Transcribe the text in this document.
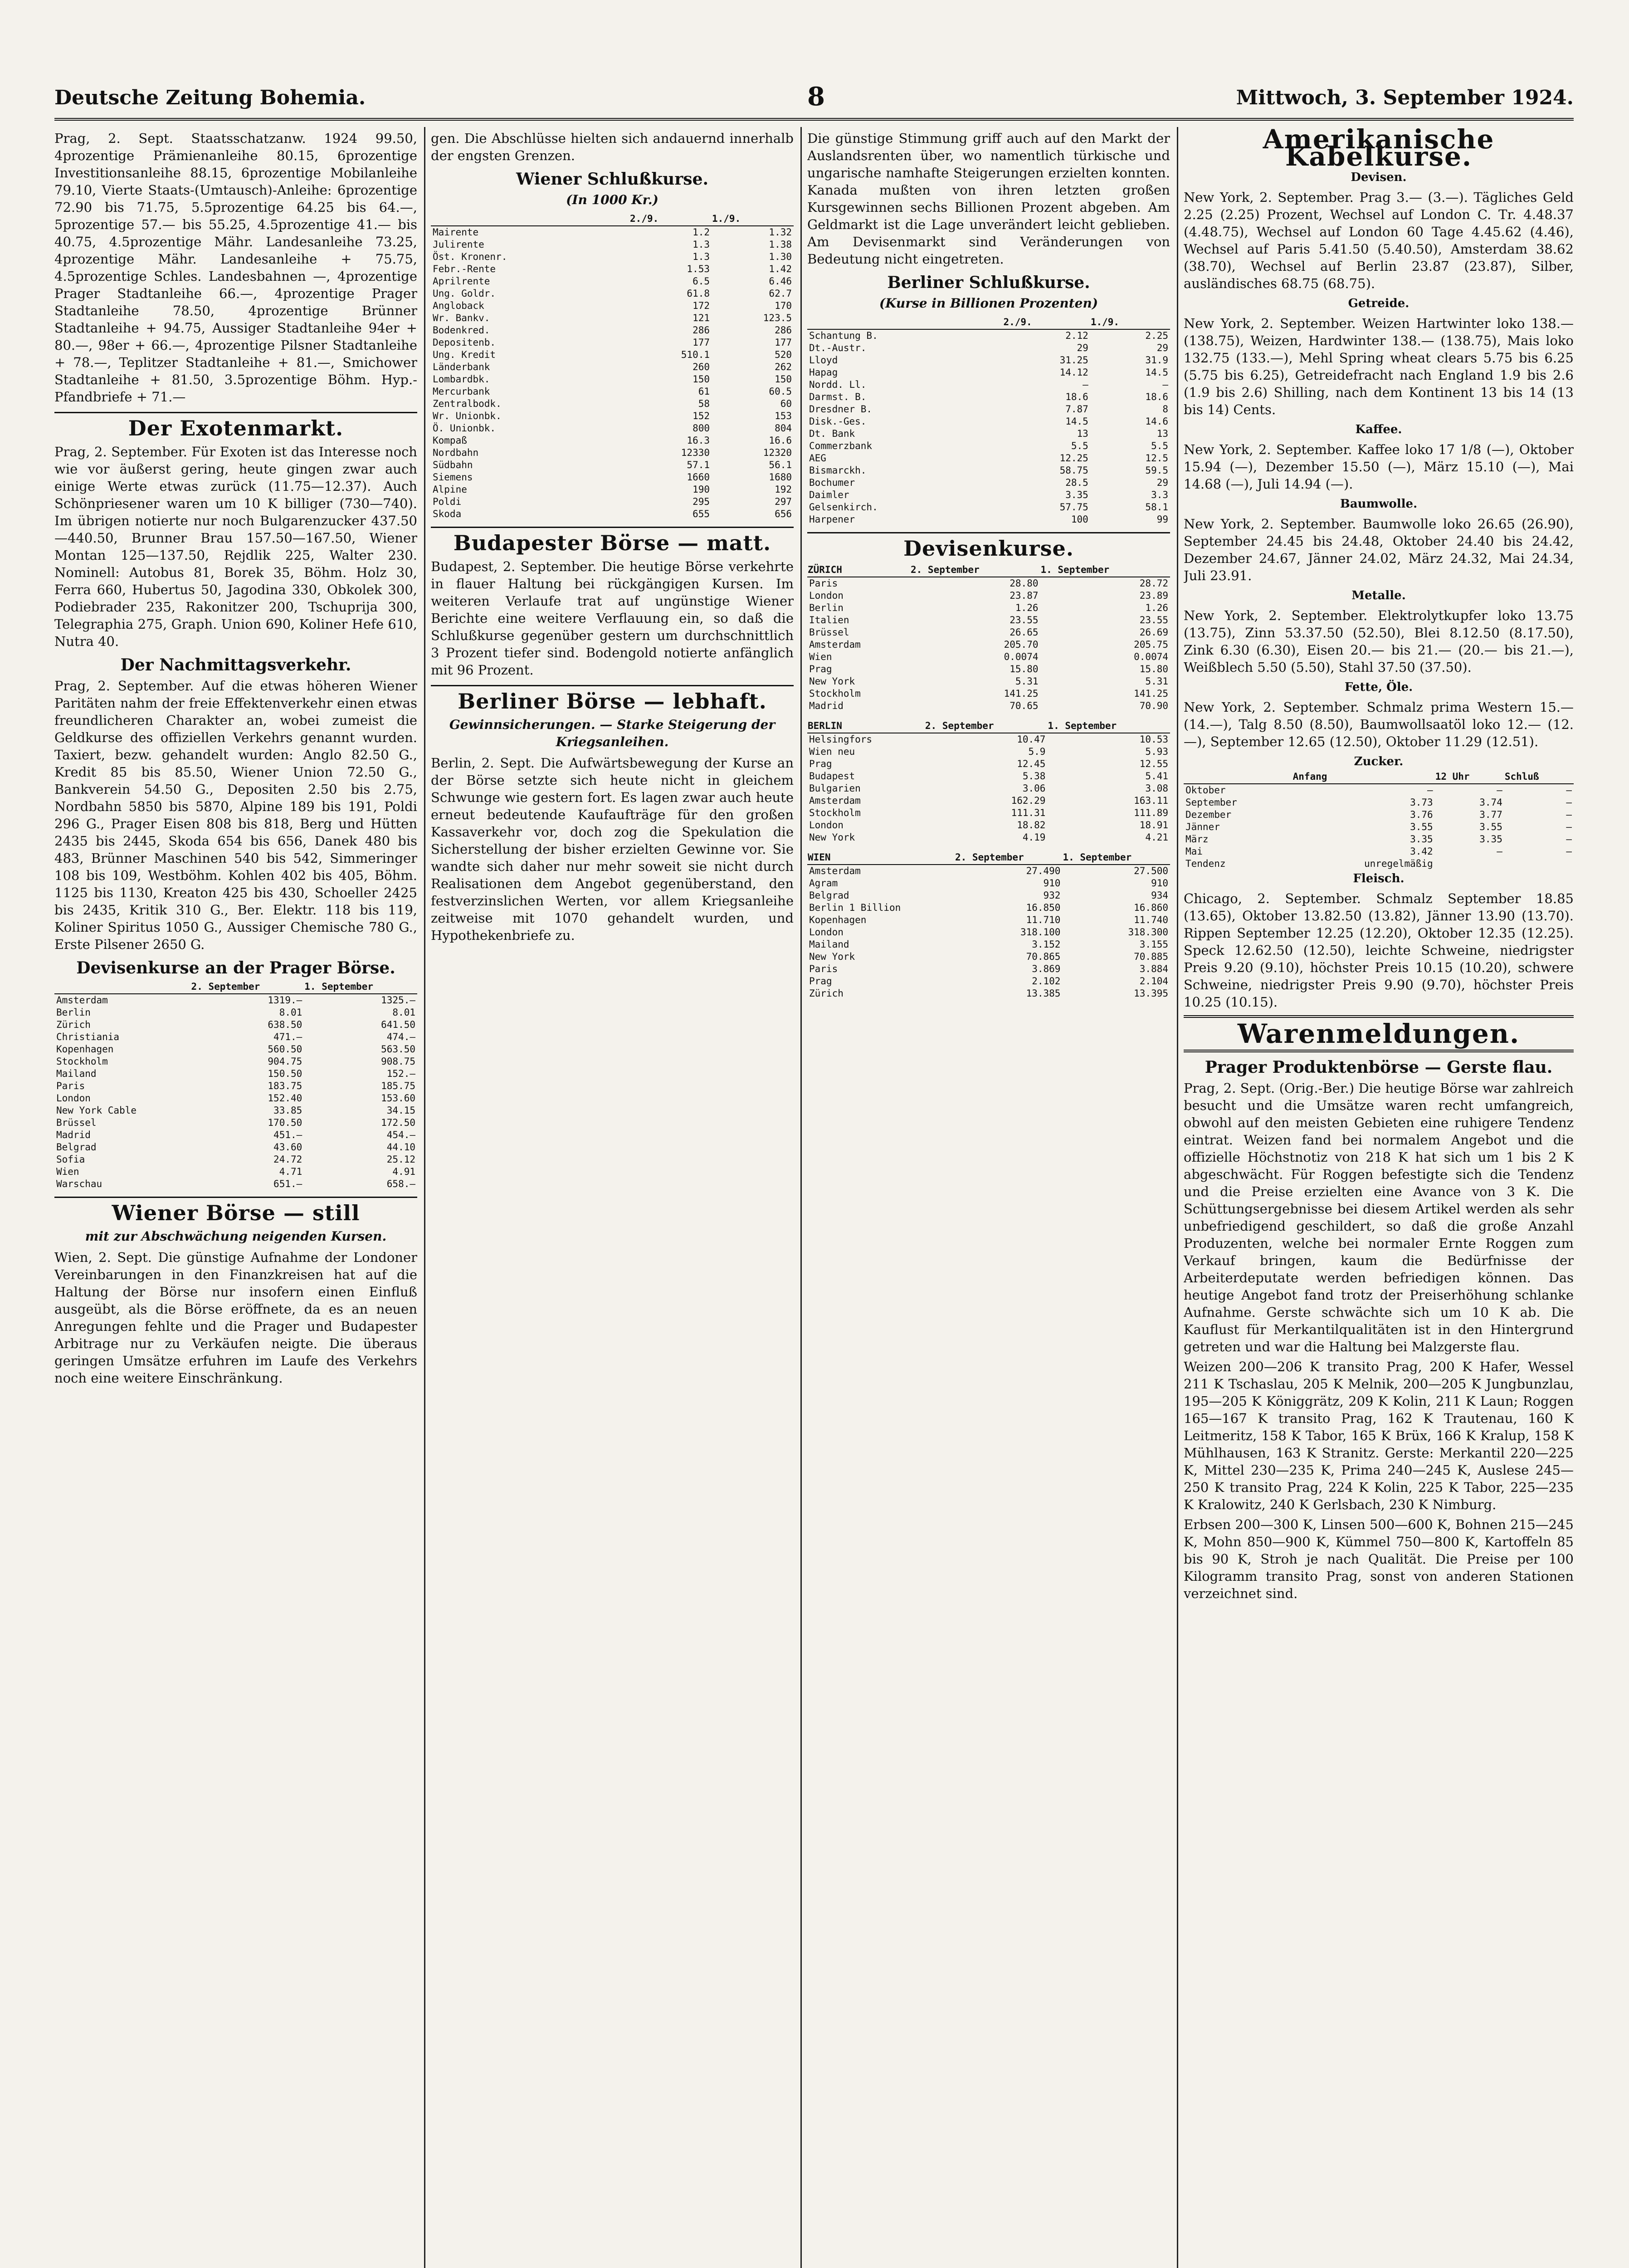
Deutsche Zeitung Bohemia.	8	Mittwoch, 3. September 1924.

Prag, 2. Sept. Staatsschatzanw. 1924 99.50, 4prozentige Prämienanleihe 80.15, 6prozentige Investitionsanleihe 88.15, 6prozentige Mobilanleihe 79.10, Vierte Staats-(Umtausch)-Anleihe: 6prozentige 72.90 bis 71.75, 5.5prozentige 64.25 bis 64.—, 5prozentige 57.— bis 55.25, 4.5prozentige 41.— bis 40.75, 4.5prozentige Mähr. Landesanleihe 73.25, 4prozentige Mähr. Landesanleihe + 75.75, 4.5prozentige Schles. Landesbahnen —, 4prozentige Prager Stadtanleihe 66.—, 4prozentige Prager Stadtanleihe 78.50, 4prozentige Brünner Stadtanleihe + 94.75, Aussiger Stadtanleihe 94er + 80.—, 98er + 66.—, 4prozentige Pilsner Stadtanleihe + 78.—, Teplitzer Stadtanleihe + 81.—, Smichower Stadtanleihe + 81.50, 3.5prozentige Böhm. Hyp.-Pfandbriefe + 71.—

Der Exotenmarkt.

Prag, 2. September. Für Exoten ist das Interesse noch wie vor äußerst gering, heute gingen zwar auch einige Werte etwas zurück (11.75—12.37). Auch Schönpriesener waren um 10 K billiger (730—740). Im übrigen notierte nur noch Bulgarenzucker 437.50—440.50, Brunner Brau 157.50—167.50, Wiener Montan 125—137.50, Rejdlik 225, Walter 230. Nominell: Autobus 81, Borek 35, Böhm. Holz 30, Ferra 660, Hubertus 50, Jagodina 330, Obkolek 300, Podiebrader 235, Rakonitzer 200, Tschuprija 300, Telegraphia 275, Graph. Union 690, Koliner Hefe 610, Nutra 40.

Der Nachmittagsverkehr.

Prag, 2. September. Auf die etwas höheren Wiener Paritäten nahm der freie Effektenverkehr einen etwas freundlicheren Charakter an, wobei zumeist die Geldkurse des offiziellen Verkehrs genannt wurden. Taxiert, bezw. gehandelt wurden: Anglo 82.50 G., Kredit 85 bis 85.50, Wiener Union 72.50 G., Bankverein 54.50 G., Depositen 2.50 bis 2.75, Nordbahn 5850 bis 5870, Alpine 189 bis 191, Poldi 296 G., Prager Eisen 808 bis 818, Berg und Hütten 2435 bis 2445, Skoda 654 bis 656, Danek 480 bis 483, Brünner Maschinen 540 bis 542, Simmeringer 108 bis 109, Westböhm. Kohlen 402 bis 405, Böhm. 1125 bis 1130, Kreaton 425 bis 430, Schoeller 2425 bis 2435, Kritik 310 G., Ber. Elektr. 118 bis 119, Koliner Spiritus 1050 G., Aussiger Chemische 780 G., Erste Pilsener 2650 G.

Devisenkurse an der Prager Börse.
	2. September	1. September
Amsterdam	1319.—	1325.—
Berlin	8.01	8.01
Zürich	638.50	641.50
Christiania	471.—	474.—
Kopenhagen	560.50	563.50
Stockholm	904.75	908.75
Mailand	150.50	152.—
Paris	183.75	185.75
London	152.40	153.60
New York Cable	33.85	34.15
Brüssel	170.50	172.50
Madrid	451.—	454.—
Belgrad	43.60	44.10
Sofia	24.72	25.12
Wien	4.71	4.91
Warschau	651.—	658.—
Wiener Börse — still
mit zur Abschwächung neigenden Kursen.

Wien, 2. Sept. Die günstige Aufnahme der Londoner Vereinbarungen in den Finanzkreisen hat auf die Haltung der Börse nur insofern einen Einfluß ausgeübt, als die Börse eröffnete, da es an neuen Anregungen fehlte und die Prager und Budapester Arbitrage nur zu Verkäufen neigte. Die überaus geringen Umsätze erfuhren im Laufe des Verkehrs noch eine weitere Einschränkung.

gen. Die Abschlüsse hielten sich andauernd innerhalb der engsten Grenzen.

Wiener Schlußkurse.
(In 1000 Kr.)
	2./9.	1./9.
Mairente	1.2	1.32
Julirente	1.3	1.38
Öst. Kronenr.	1.3	1.30
Febr.-Rente	1.53	1.42
Aprilrente	6.5	6.46
Ung. Goldr.	61.8	62.7
Angloback	172	170
Wr. Bankv.	121	123.5
Bodenkred.	286	286
Depositenb.	177	177
Ung. Kredit	510.1	520
Länderbank	260	262
Lombardbk.	150	150
Mercurbank	61	60.5
Zentralbodk.	58	60
Wr. Unionbk.	152	153
Ö. Unionbk.	800	804
Kompaß	16.3	16.6
Nordbahn	12330	12320
Südbahn	57.1	56.1
Siemens	1660	1680
Alpine	190	192
Poldi	295	297
Skoda	655	656
Budapester Börse — matt.

Budapest, 2. September. Die heutige Börse verkehrte in flauer Haltung bei rückgängigen Kursen. Im weiteren Verlaufe trat auf ungünstige Wiener Berichte eine weitere Verflauung ein, so daß die Schlußkurse gegenüber gestern um durchschnittlich 3 Prozent tiefer sind. Bodengold notierte anfänglich mit 96 Prozent.

Berliner Börse — lebhaft.
Gewinnsicherungen. — Starke Steigerung der Kriegsanleihen.

Berlin, 2. Sept. Die Aufwärtsbewegung der Kurse an der Börse setzte sich heute nicht in gleichem Schwunge wie gestern fort. Es lagen zwar auch heute erneut bedeutende Kaufaufträge für den großen Kassaverkehr vor, doch zog die Spekulation die Sicherstellung der bisher erzielten Gewinne vor. Sie wandte sich daher nur mehr soweit sie nicht durch Realisationen dem Angebot gegenüberstand, den festverzinslichen Werten, vor allem Kriegsanleihe zeitweise mit 1070 gehandelt wurden, und Hypothekenbriefe zu.

Die günstige Stimmung griff auch auf den Markt der Auslandsrenten über, wo namentlich türkische und ungarische namhafte Steigerungen erzielten konnten. Kanada mußten von ihren letzten großen Kursgewinnen sechs Billionen Prozent abgeben. Am Geldmarkt ist die Lage unverändert leicht geblieben. Am Devisenmarkt sind Veränderungen von Bedeutung nicht eingetreten.

Berliner Schlußkurse.
(Kurse in Billionen Prozenten)
	2./9.	1./9.
Schantung B.	2.12	2.25
Dt.-Austr.	29	29
Lloyd	31.25	31.9
Hapag	14.12	14.5
Nordd. Ll.	—	—
Darmst. B.	18.6	18.6
Dresdner B.	7.87	8
Disk.-Ges.	14.5	14.6
Dt. Bank	13	13
Commerzbank	5.5	5.5
AEG	12.25	12.5
Bismarckh.	58.75	59.5
Bochumer	28.5	29
Daimler	3.35	3.3
Gelsenkirch.	57.75	58.1
Harpener	100	99
Devisenkurse.
ZÜRICH	2. September	1. September
Paris	28.80	28.72
London	23.87	23.89
Berlin	1.26	1.26
Italien	23.55	23.55
Brüssel	26.65	26.69
Amsterdam	205.70	205.75
Wien	0.0074	0.0074
Prag	15.80	15.80
New York	5.31	5.31
Stockholm	141.25	141.25
Madrid	70.65	70.90
BERLIN	2. September	1. September
Helsingfors	10.47	10.53
Wien neu	5.9	5.93
Prag	12.45	12.55
Budapest	5.38	5.41
Bulgarien	3.06	3.08
Amsterdam	162.29	163.11
Stockholm	111.31	111.89
London	18.82	18.91
New York	4.19	4.21
WIEN	2. September	1. September
Amsterdam	27.490	27.500
Agram	910	910
Belgrad	932	934
Berlin 1 Billion	16.850	16.860
Kopenhagen	11.710	11.740
London	318.100	318.300
Mailand	3.152	3.155
New York	70.865	70.885
Paris	3.869	3.884
Prag	2.102	2.104
Zürich	13.385	13.395
Amerikanische Kabelkurse.
Devisen.

New York, 2. September. Prag 3.— (3.—). Tägliches Geld 2.25 (2.25) Prozent, Wechsel auf London C. Tr. 4.48.37 (4.48.75), Wechsel auf London 60 Tage 4.45.62 (4.46), Wechsel auf Paris 5.41.50 (5.40.50), Amsterdam 38.62 (38.70), Wechsel auf Berlin 23.87 (23.87), Silber, ausländisches 68.75 (68.75).

Getreide.

New York, 2. September. Weizen Hartwinter loko 138.— (138.75), Weizen, Hardwinter 138.— (138.75), Mais loko 132.75 (133.—), Mehl Spring wheat clears 5.75 bis 6.25 (5.75 bis 6.25), Getreidefracht nach England 1.9 bis 2.6 (1.9 bis 2.6) Shilling, nach dem Kontinent 13 bis 14 (13 bis 14) Cents.

Kaffee.

New York, 2. September. Kaffee loko 17 1/8 (—), Oktober 15.94 (—), Dezember 15.50 (—), März 15.10 (—), Mai 14.68 (—), Juli 14.94 (—).

Baumwolle.

New York, 2. September. Baumwolle loko 26.65 (26.90), September 24.45 bis 24.48, Oktober 24.40 bis 24.42, Dezember 24.67, Jänner 24.02, März 24.32, Mai 24.34, Juli 23.91.

Metalle.

New York, 2. September. Elektrolytkupfer loko 13.75 (13.75), Zinn 53.37.50 (52.50), Blei 8.12.50 (8.17.50), Zink 6.30 (6.30), Eisen 20.— bis 21.— (20.— bis 21.—), Weißblech 5.50 (5.50), Stahl 37.50 (37.50).

Fette, Öle.

New York, 2. September. Schmalz prima Western 15.— (14.—), Talg 8.50 (8.50), Baumwollsaatöl loko 12.— (12.—), September 12.65 (12.50), Oktober 11.29 (12.51).

Zucker.
	Anfang	12 Uhr	Schluß
Oktober	—	—	—
September	3.73	3.74	—
Dezember	3.76	3.77	—
Jänner	3.55	3.55	—
März	3.35	3.35	—
Mai	3.42	—	—
Tendenz	unregelmäßig		
Fleisch.

Chicago, 2. September. Schmalz September 18.85 (13.65), Oktober 13.82.50 (13.82), Jänner 13.90 (13.70). Rippen September 12.25 (12.20), Oktober 12.35 (12.25). Speck 12.62.50 (12.50), leichte Schweine, niedrigster Preis 9.20 (9.10), höchster Preis 10.15 (10.20), schwere Schweine, niedrigster Preis 9.90 (9.70), höchster Preis 10.25 (10.15).

Warenmeldungen.
Prager Produktenbörse — Gerste flau.

Prag, 2. Sept. (Orig.-Ber.) Die heutige Börse war zahlreich besucht und die Umsätze waren recht umfangreich, obwohl auf den meisten Gebieten eine ruhigere Tendenz eintrat. Weizen fand bei normalem Angebot und die offizielle Höchstnotiz von 218 K hat sich um 1 bis 2 K abgeschwächt. Für Roggen befestigte sich die Tendenz und die Preise erzielten eine Avance von 3 K. Die Schüttungsergebnisse bei diesem Artikel werden als sehr unbefriedigend geschildert, so daß die große Anzahl Produzenten, welche bei normaler Ernte Roggen zum Verkauf bringen, kaum die Bedürfnisse der Arbeiterdeputate werden befriedigen können. Das heutige Angebot fand trotz der Preiserhöhung schlanke Aufnahme. Gerste schwächte sich um 10 K ab. Die Kauflust für Merkantilqualitäten ist in den Hintergrund getreten und war die Haltung bei Malzgerste flau.

Weizen 200—206 K transito Prag, 200 K Hafer, Wessel 211 K Tschaslau, 205 K Melnik, 200—205 K Jungbunzlau, 195—205 K Königgrätz, 209 K Kolin, 211 K Laun; Roggen 165—167 K transito Prag, 162 K Trautenau, 160 K Leitmeritz, 158 K Tabor, 165 K Brüx, 166 K Kralup, 158 K Mühlhausen, 163 K Stranitz. Gerste: Merkantil 220—225 K, Mittel 230—235 K, Prima 240—245 K, Auslese 245—250 K transito Prag, 224 K Kolin, 225 K Tabor, 225—235 K Kralowitz, 240 K Gerlsbach, 230 K Nimburg.

Erbsen 200—300 K, Linsen 500—600 K, Bohnen 215—245 K, Mohn 850—900 K, Kümmel 750—800 K, Kartoffeln 85 bis 90 K, Stroh je nach Qualität. Die Preise per 100 Kilogramm transito Prag, sonst von anderen Stationen verzeichnet sind.
